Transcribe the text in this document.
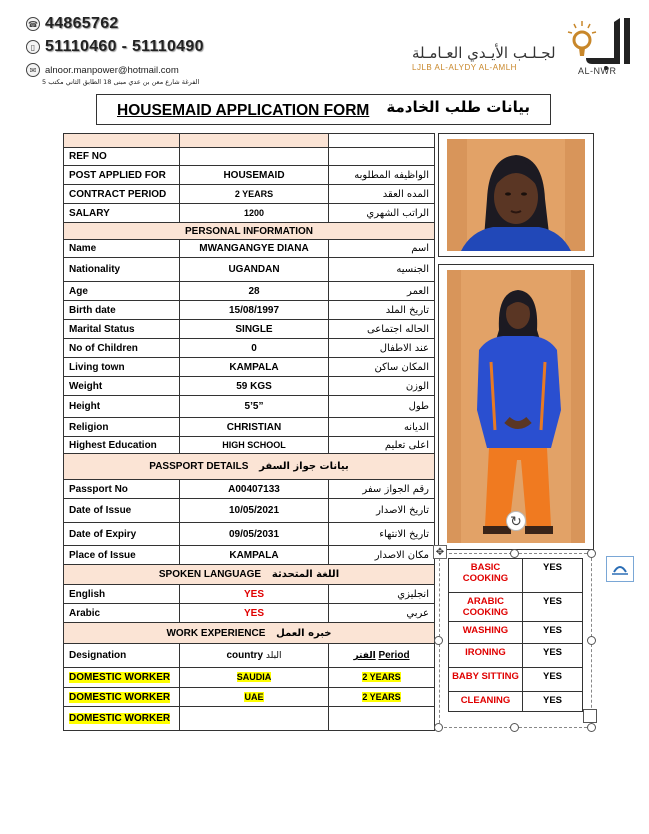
☎ 44865762
▯ 51110460 - 51110490
✉ alnoor.manpower@hotmail.com
الفرغة شارع معن بن عدي مبنى 18 الطابق الثاني مكتب 5
لجـلـب الأيـدي العـامـلة
LJLB AL-ALYDY AL-AMLH	AL-NWR
HOUSEMAID APPLICATION FORM بيانات طلب الخادمة

REF NO		
POST APPLIED FOR	HOUSEMAID	الواظيفه المطلوبه
CONTRACT PERIOD	2 YEARS	المده العقد
SALARY	1200	الراتب الشهري
PERSONAL INFORMATION		
Name	MWANGANGYE DIANA	اسم
Nationality	UGANDAN	الجنسيه
Age	28	العمر
Birth date	15/08/1997	تاريخ الملد
Marital Status	SINGLE	الحاله اجتماعى
No of Children	0	عند الاطفال
Living town	KAMPALA	المكان ساكن
Weight	59 KGS	الوزن
Height	5’5”	طول
Religion	CHRISTIAN	الديانه
Highest Education	HIGH SCHOOL	اعلى تعليم
PASSPORT DETAILS بيانات جواز السفر		
Passport No	A00407133	رقم الجواز سفر
Date of Issue	10/05/2021	تاريخ الاصدار
Date of Expiry	09/05/2031	تاريخ الانتهاء
Place of Issue	KAMPALA	مكان الاصدار
SPOKEN LANGUAGE اللغة المتحدثة		
English	YES	انجليزي
Arabic	YES	عربي
WORK EXPERIENCE خبره العمل		
Designation	country البلد	الفتر Period
DOMESTIC WORKER	SAUDIA	2 YEARS
DOMESTIC WORKER	UAE	2 YEARS
DOMESTIC WORKER		
✥
↻
BASIC COOKING	YES
ARABIC COOKING	YES
WASHING	YES
IRONING	YES
BABY SITTING	YES
CLEANING	YES
